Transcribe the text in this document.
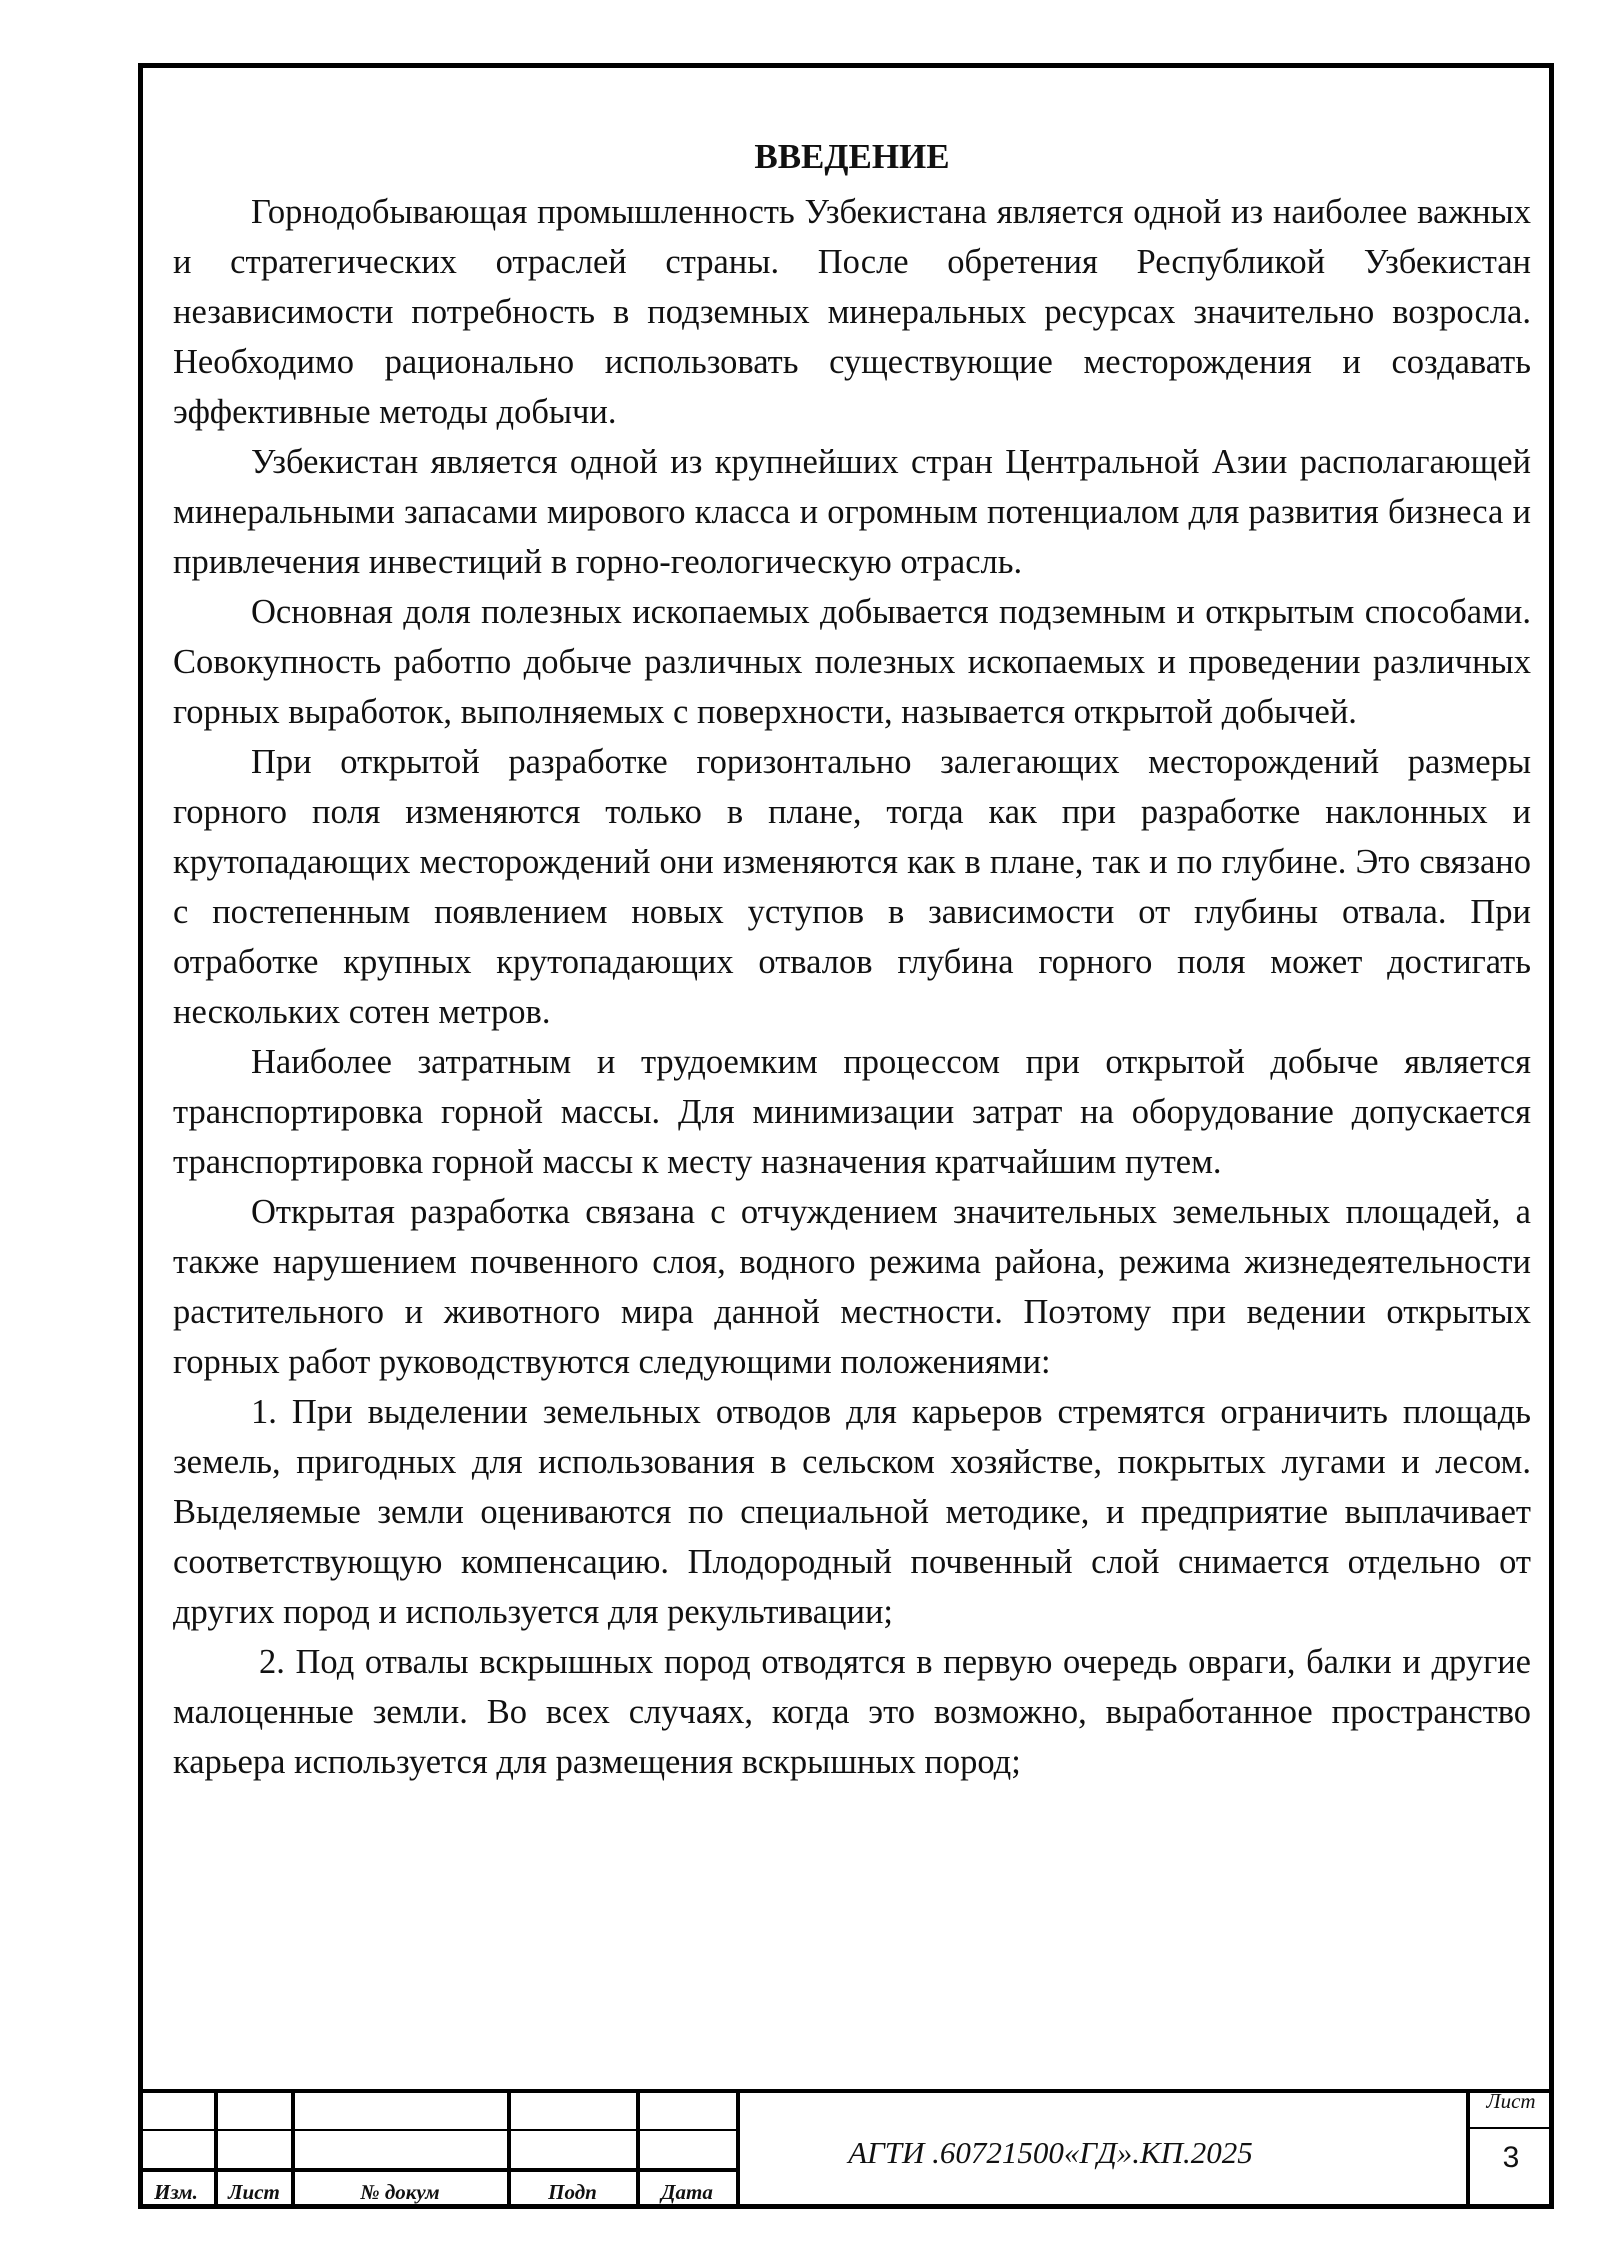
ВВЕДЕНИЕ

Горнодобывающая промышленность Узбекистана является одной из наиболее важных и стратегических отраслей страны. После обретения Республикой Узбекистан независимости потребность в подземных минеральных ресурсах значительно возросла. Необходимо рационально использовать существующие месторождения и создавать эффективные методы добычи.

Узбекистан является одной из крупнейших стран Центральной Азии располагающей минеральными запасами мирового класса и огромным потенциалом для развития бизнеса и привлечения инвестиций в горно-геологическую отрасль.

Основная доля полезных ископаемых добывается подземным и открытым способами. Совокупность работпо добыче различных полезных ископаемых и проведении различных горных выработок, выполняемых с поверхности, называется открытой добычей.

При открытой разработке горизонтально залегающих месторождений размеры горного поля изменяются только в плане, тогда как при разработке наклонных и крутопадающих месторождений они изменяются как в плане, так и по глубине. Это связано с постепенным появлением новых уступов в зависимости от глубины отвала. При отработке крупных крутопадающих отвалов глубина горного поля может достигать нескольких сотен метров.

Наиболее затратным и трудоемким процессом при открытой добыче является транспортировка горной массы. Для минимизации затрат на оборудование допускается транспортировка горной массы к месту назначения кратчайшим путем.

Открытая разработка связана с отчуждением значительных земельных площадей, а также нарушением почвенного слоя, водного режима района, режима жизнедеятельности растительного и животного мира данной местности. Поэтому при ведении открытых горных работ руководствуются следующими положениями:

1. При выделении земельных отводов для карьеров стремятся ограничить площадь земель, пригодных для использования в сельском хозяйстве, покрытых лугами и лесом. Выделяемые земли оцениваются по специальной методике, и предприятие выплачивает соответствующую компенсацию. Плодородный почвенный слой снимается отдельно от других пород и используется для рекультивации;

2. Под отвалы вскрышных пород отводятся в первую очередь овраги, балки и другие малоценные земли. Во всех случаях, когда это возможно, выработанное пространство карьера используется для размещения вскрышных пород;

Изм.	Лист	№ докум	Подп	Дата
АГТИ .60721500«ГД».КП.2025
Лист
3
